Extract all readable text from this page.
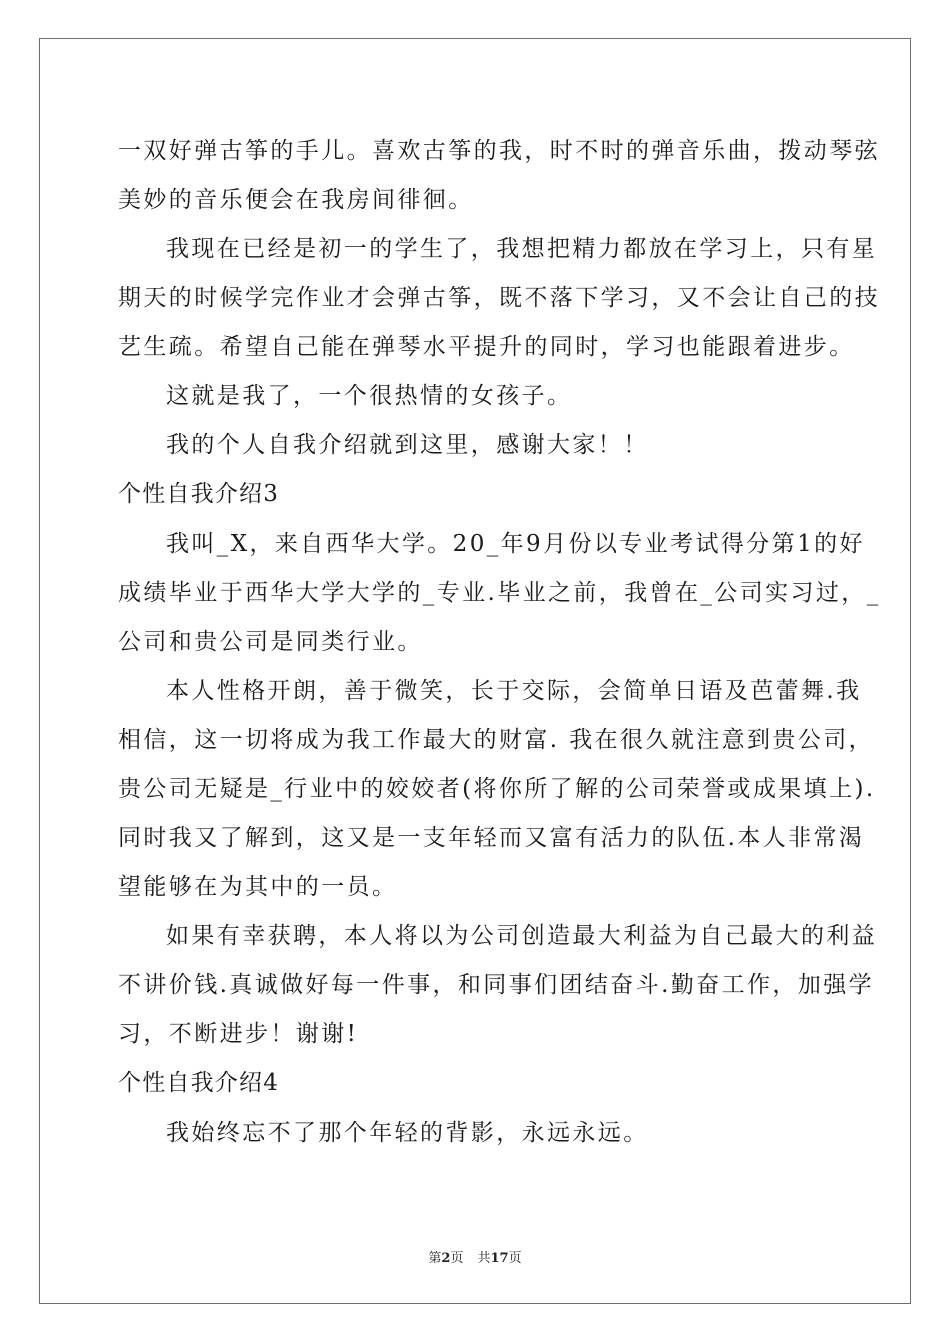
一双好弹古筝的手儿。喜欢古筝的我，时不时的弹音乐曲，拨动琴弦
美妙的音乐便会在我房间徘徊。
我现在已经是初一的学生了，我想把精力都放在学习上，只有星
期天的时候学完作业才会弹古筝，既不落下学习，又不会让自己的技
艺生疏。希望自己能在弹琴水平提升的同时，学习也能跟着进步。
这就是我了，一个很热情的女孩子。
我的个人自我介绍就到这里，感谢大家！！
个性自我介绍3
我叫_X，来自西华大学。20_年9月份以专业考试得分第1的好
成绩毕业于西华大学大学的_专业.毕业之前，我曾在_公司实习过，_
公司和贵公司是同类行业。
本人性格开朗，善于微笑，长于交际，会简单日语及芭蕾舞.我
相信，这一切将成为我工作最大的财富. 我在很久就注意到贵公司，
贵公司无疑是_行业中的姣姣者(将你所了解的公司荣誉或成果填上).
同时我又了解到，这又是一支年轻而又富有活力的队伍.本人非常渴
望能够在为其中的一员。
如果有幸获聘，本人将以为公司创造最大利益为自己最大的利益
不讲价钱.真诚做好每一件事，和同事们团结奋斗.勤奋工作，加强学
习，不断进步！谢谢!
个性自我介绍4
我始终忘不了那个年轻的背影，永远永远。
第2页 共17页
